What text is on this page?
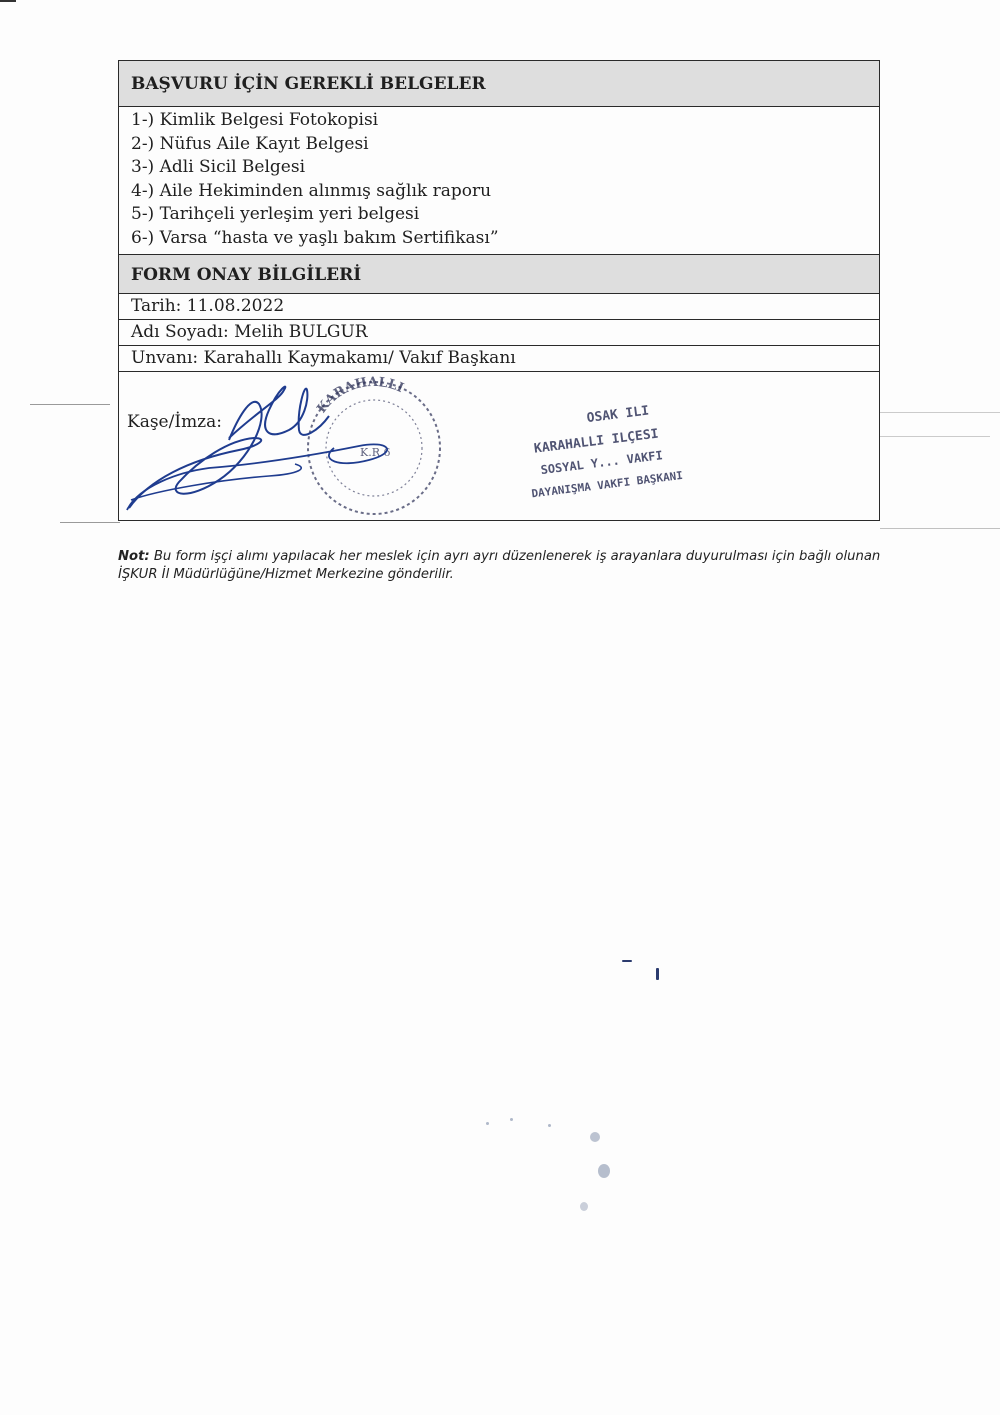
BAŞVURU İÇİN GEREKLİ BELGELER
1-) Kimlik Belgesi Fotokopisi
2-) Nüfus Aile Kayıt Belgesi
3-) Adli Sicil Belgesi
4-) Aile Hekiminden alınmış sağlık raporu
5-) Tarihçeli yerleşim yeri belgesi
6-) Varsa “hasta ve yaşlı bakım Sertifikası”
FORM ONAY BİLGİLERİ
Tarih: 11.08.2022
Adı Soyadı: Melih BULGUR
Unvanı: Karahallı Kaymakamı/ Vakıf Başkanı
Kaşe/İmza:
KARAHALLI
K.R.6
OSAK ILI
KARAHALLI ILÇESI
SOSYAL Y... VAKFI
DAYANIŞMA VAKFI BAŞKANI

Not: Bu form işçi alımı yapılacak her meslek için ayrı ayrı düzenlenerek iş arayanlara duyurulması için bağlı olunan İŞKUR İl Müdürlüğüne/Hizmet Merkezine gönderilir.
